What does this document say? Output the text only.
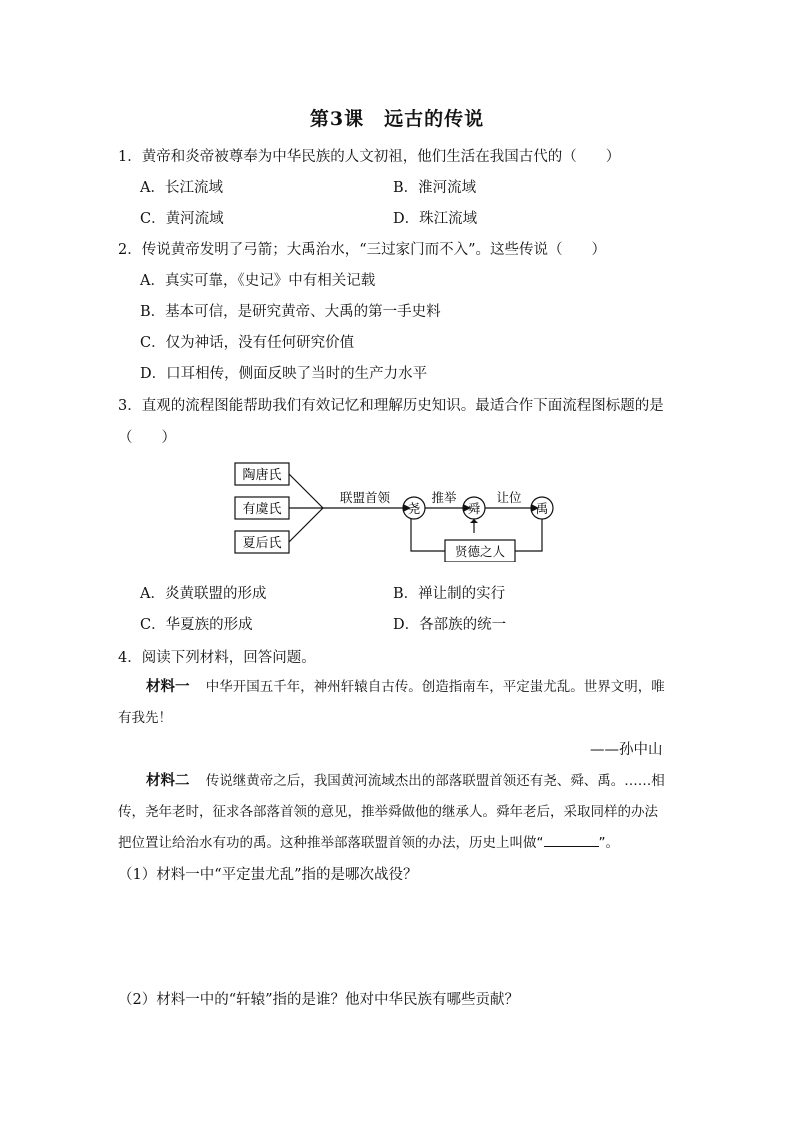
第3课　远古的传说
1．黄帝和炎帝被尊奉为中华民族的人文初祖，他们生活在我国古代的（　　）
A．长江流域	B．淮河流域
C．黄河流域	D．珠江流域
2．传说黄帝发明了弓箭；大禹治水，“三过家门而不入”。这些传说（　　）
A．真实可靠，《史记》中有相关记载
B．基本可信，是研究黄帝、大禹的第一手史料
C．仅为神话，没有任何研究价值
D．口耳相传，侧面反映了当时的生产力水平
3．直观的流程图能帮助我们有效记忆和理解历史知识。最适合作下面流程图标题的是
（　　）
陶唐氏
有虞氏
夏后氏
联盟首领
尧
推举
舜
让位
禹
贤德之人
A．炎黄联盟的形成	B．禅让制的实行
C．华夏族的形成	D．各部族的统一
4．阅读下列材料，回答问题。
材料一 中华开国五千年，神州轩辕自古传。创造指南车，平定蚩尤乱。世界文明，唯
有我先！
——孙中山
材料二 传说继黄帝之后，我国黄河流域杰出的部落联盟首领还有尧、舜、禹。……相
传，尧年老时，征求各部落首领的意见，推举舜做他的继承人。舜年老后，采取同样的办法
把位置让给治水有功的禹。这种推举部落联盟首领的办法，历史上叫做“	”。
（1）材料一中“平定蚩尤乱”指的是哪次战役？
（2）材料一中的“轩辕”指的是谁？他对中华民族有哪些贡献？
